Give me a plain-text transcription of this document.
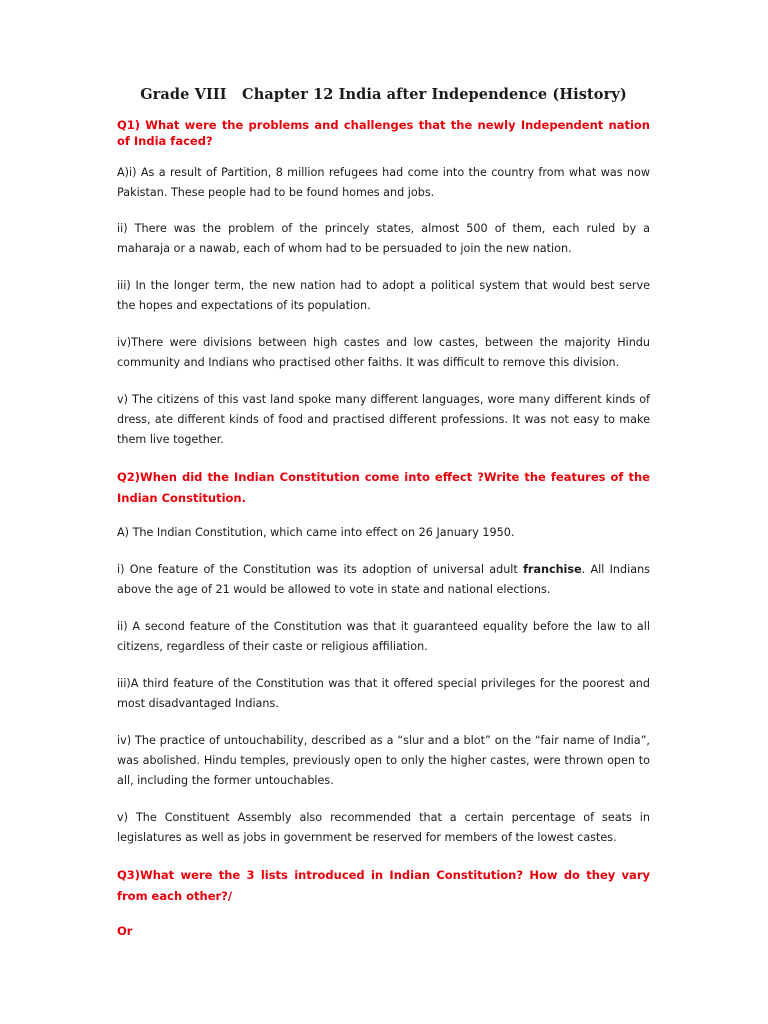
Grade VIII   Chapter 12 India after Independence (History)
Q1) What were the problems and challenges that the newly Independent nation of India faced?
A)i) As a result of Partition, 8 million refugees had come into the country from what was now Pakistan. These people had to be found homes and jobs.
ii) There was the problem of the princely states, almost 500 of them, each ruled by a maharaja or a nawab, each of whom had to be persuaded to join the new nation.
iii) In the longer term, the new nation had to adopt a political system that would best serve the hopes and expectations of its population.
iv)There were divisions between high castes and low castes, between the majority Hindu community and Indians who practised other faiths. It was difficult to remove this division.
v) The citizens of this vast land spoke many different languages, wore many different kinds of dress, ate different kinds of food and practised different professions. It was not easy to make them live together.
Q2)When did the Indian Constitution come into effect ?Write the features of the Indian Constitution.
A) The Indian Constitution, which came into effect on 26 January 1950.
i) One feature of the Constitution was its adoption of universal adult franchise. All Indians above the age of 21 would be allowed to vote in state and national elections.
ii) A second feature of the Constitution was that it guaranteed equality before the law to all citizens, regardless of their caste or religious affiliation.
iii)A third feature of the Constitution was that it offered special privileges for the poorest and most disadvantaged Indians.
iv) The practice of untouchability, described as a “slur and a blot” on the “fair name of India”, was abolished. Hindu temples, previously open to only the higher castes, were thrown open to all, including the former untouchables.
v) The Constituent Assembly also recommended that a certain percentage of seats in legislatures as well as jobs in government be reserved for members of the lowest castes.
Q3)What were the 3 lists introduced in Indian Constitution? How do they vary from each other?/
Or
